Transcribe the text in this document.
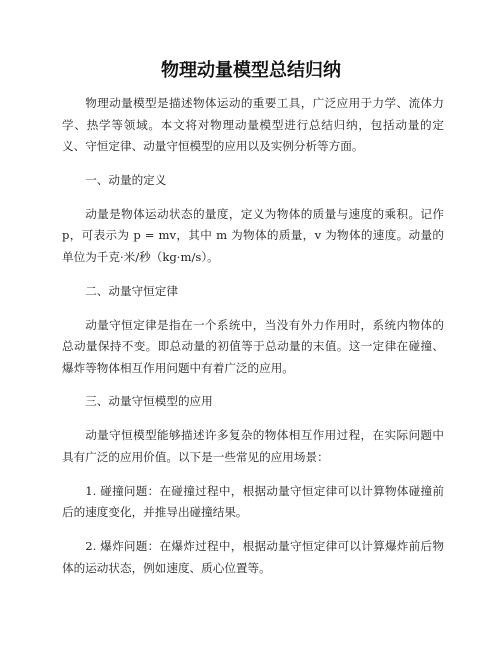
物理动量模型总结归纳

物理动量模型是描述物体运动的重要工具，广泛应用于力学、流体力学、热学等领域。本文将对物理动量模型进行总结归纳，包括动量的定义、守恒定律、动量守恒模型的应用以及实例分析等方面。

一、动量的定义

动量是物体运动状态的量度，定义为物体的质量与速度的乘积。记作 p，可表示为 p = mv，其中 m 为物体的质量，v 为物体的速度。动量的单位为千克·米/秒（kg·m/s）。

二、动量守恒定律

动量守恒定律是指在一个系统中，当没有外力作用时，系统内物体的总动量保持不变。即总动量的初值等于总动量的末值。这一定律在碰撞、爆炸等物体相互作用问题中有着广泛的应用。

三、动量守恒模型的应用

动量守恒模型能够描述许多复杂的物体相互作用过程，在实际问题中具有广泛的应用价值。以下是一些常见的应用场景：

1. 碰撞问题：在碰撞过程中，根据动量守恒定律可以计算物体碰撞前后的速度变化，并推导出碰撞结果。

2. 爆炸问题：在爆炸过程中，根据动量守恒定律可以计算爆炸前后物体的运动状态，例如速度、质心位置等。
